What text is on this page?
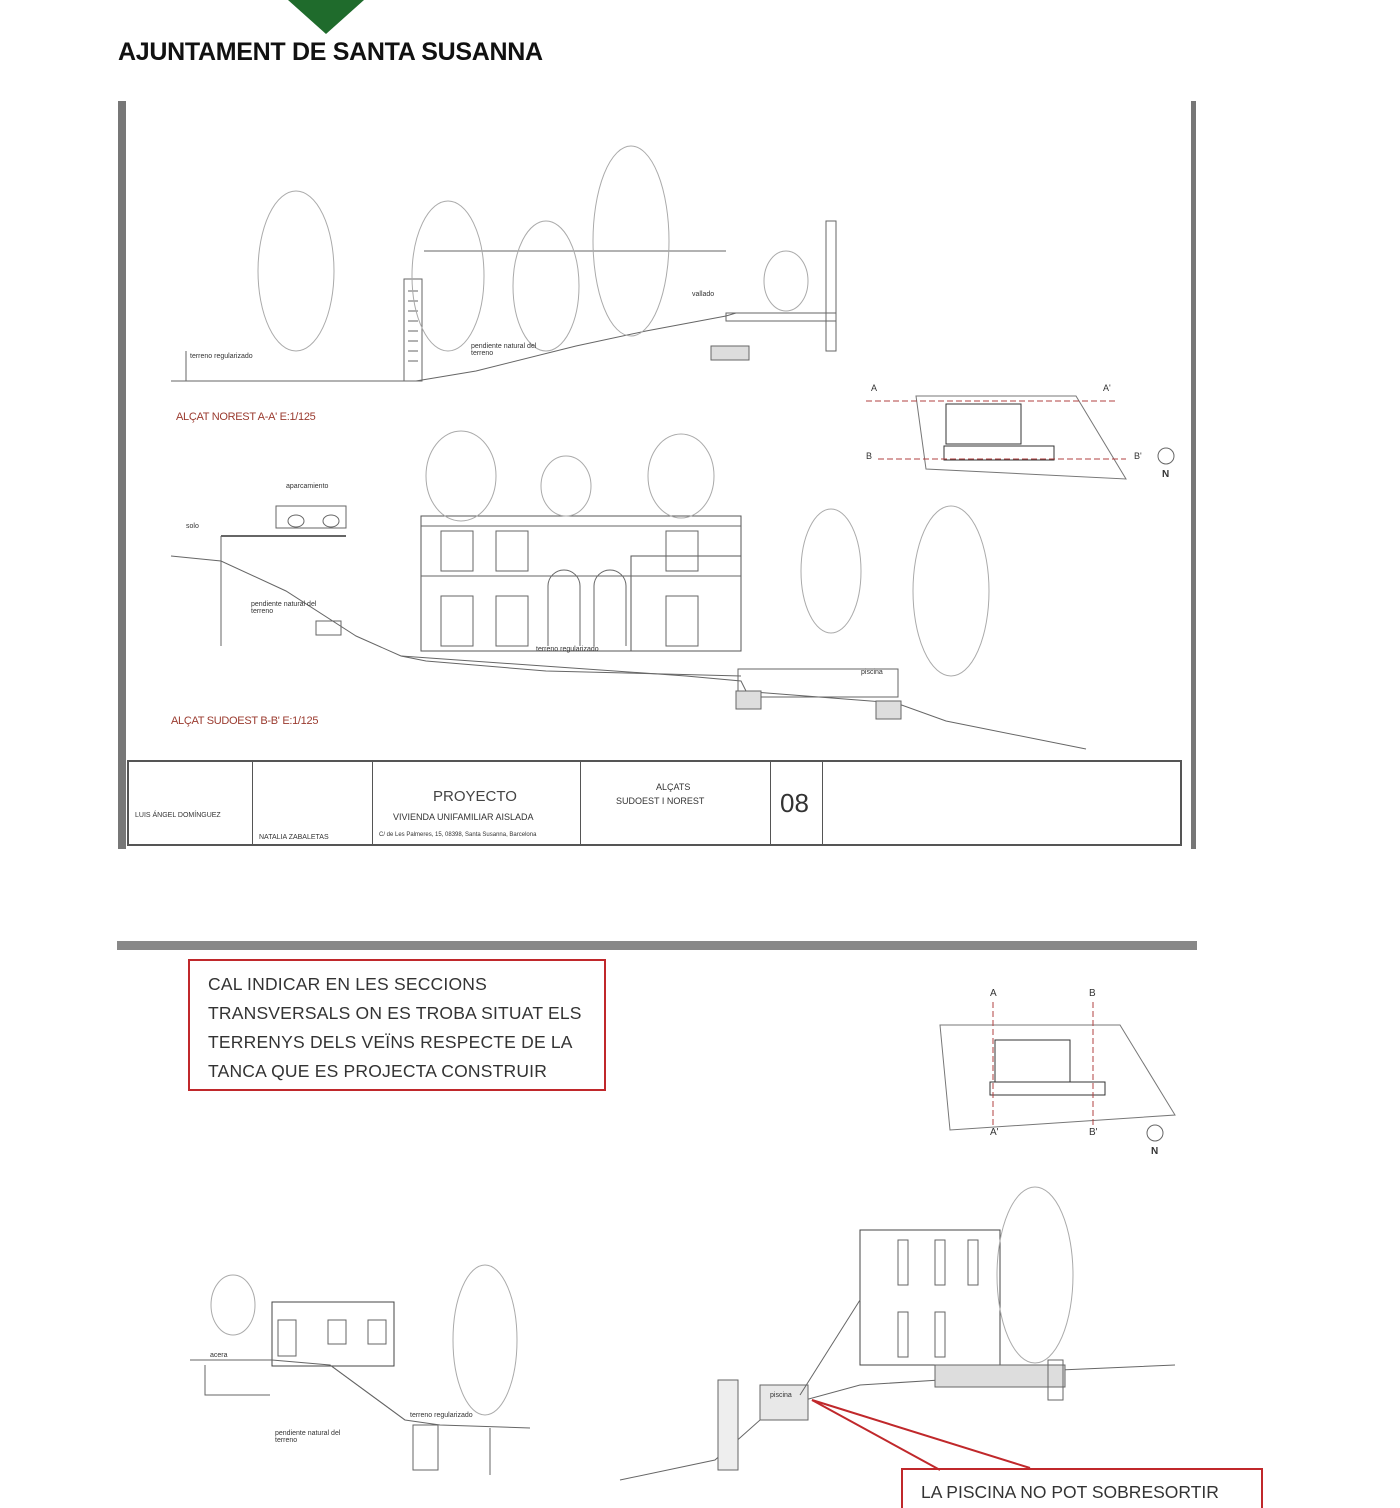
AJUNTAMENT DE SANTA SUSANNA
ALÇAT NOREST A-A' E:1/125
ALÇAT SUDOEST B-B' E:1/125
terreno regularizado
pendiente natural del terreno
vallado
aparcamiento
solo
pendiente natural del terreno
terreno regularizado
piscina
A	A'
B	B'
N
LUIS ÁNGEL DOMÍNGUEZ
NATALIA ZABALETAS
PROYECTO
VIVIENDA UNIFAMILIAR AISLADA
C/ de Les Palmeres, 15, 08398, Santa Susanna, Barcelona
ALÇATS
SUDOEST I NOREST	08

CAL INDICAR EN LES SECCIONS

TRANSVERSALS ON ES TROBA SITUAT ELS

TERRENYS DELS VEÏNS RESPECTE DE LA

TANCA QUE ES PROJECTA CONSTRUIR

A	B
A'	B'
N
acera
pendiente natural del terreno
terreno regularizado
piscina
LA PISCINA NO POT SOBRESORTIR
